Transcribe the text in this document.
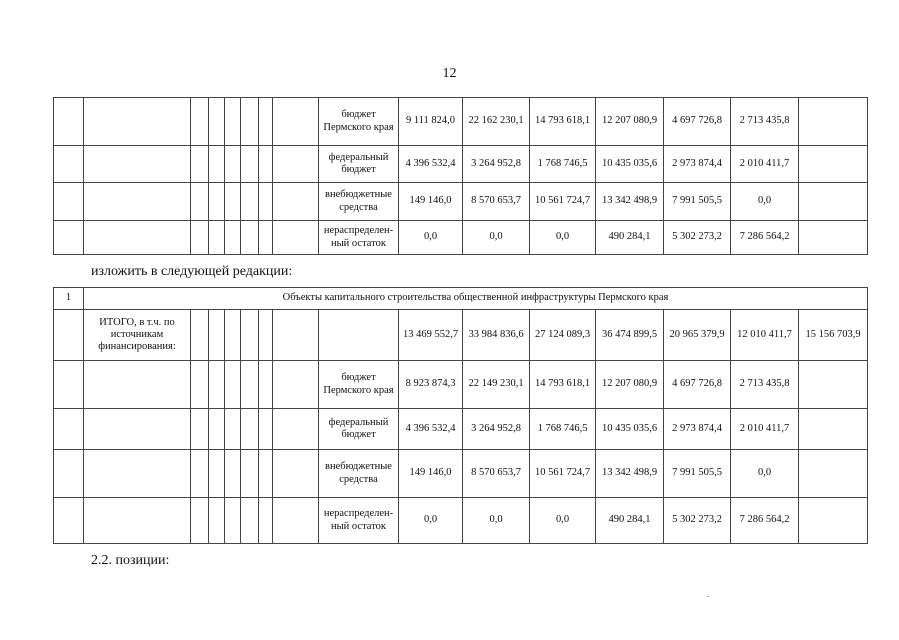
12
								бюджет Пермского края	9 111 824,0	22 162 230,1	14 793 618,1	12 207 080,9	4 697 726,8	2 713 435,8	
								федеральный бюджет	4 396 532,4	3 264 952,8	1 768 746,5	10 435 035,6	2 973 874,4	2 010 411,7	
								внебюджетные средства	149 146,0	8 570 653,7	10 561 724,7	13 342 498,9	7 991 505,5	0,0	
								нераспределен-ный остаток	0,0	0,0	0,0	490 284,1	5 302 273,2	7 286 564,2	
изложить в следующей редакции:
1	Объекты капитального строительства общественной инфраструктуры Пермского края														
	ИТОГО, в т.ч. по источникам финансирования:								13 469 552,7	33 984 836,6	27 124 089,3	36 474 899,5	20 965 379,9	12 010 411,7	15 156 703,9
								бюджет Пермского края	8 923 874,3	22 149 230,1	14 793 618,1	12 207 080,9	4 697 726,8	2 713 435,8	
								федеральный бюджет	4 396 532,4	3 264 952,8	1 768 746,5	10 435 035,6	2 973 874,4	2 010 411,7	
								внебюджетные средства	149 146,0	8 570 653,7	10 561 724,7	13 342 498,9	7 991 505,5	0,0	
								нераспределен-ный остаток	0,0	0,0	0,0	490 284,1	5 302 273,2	7 286 564,2	
2.2. позиции:
